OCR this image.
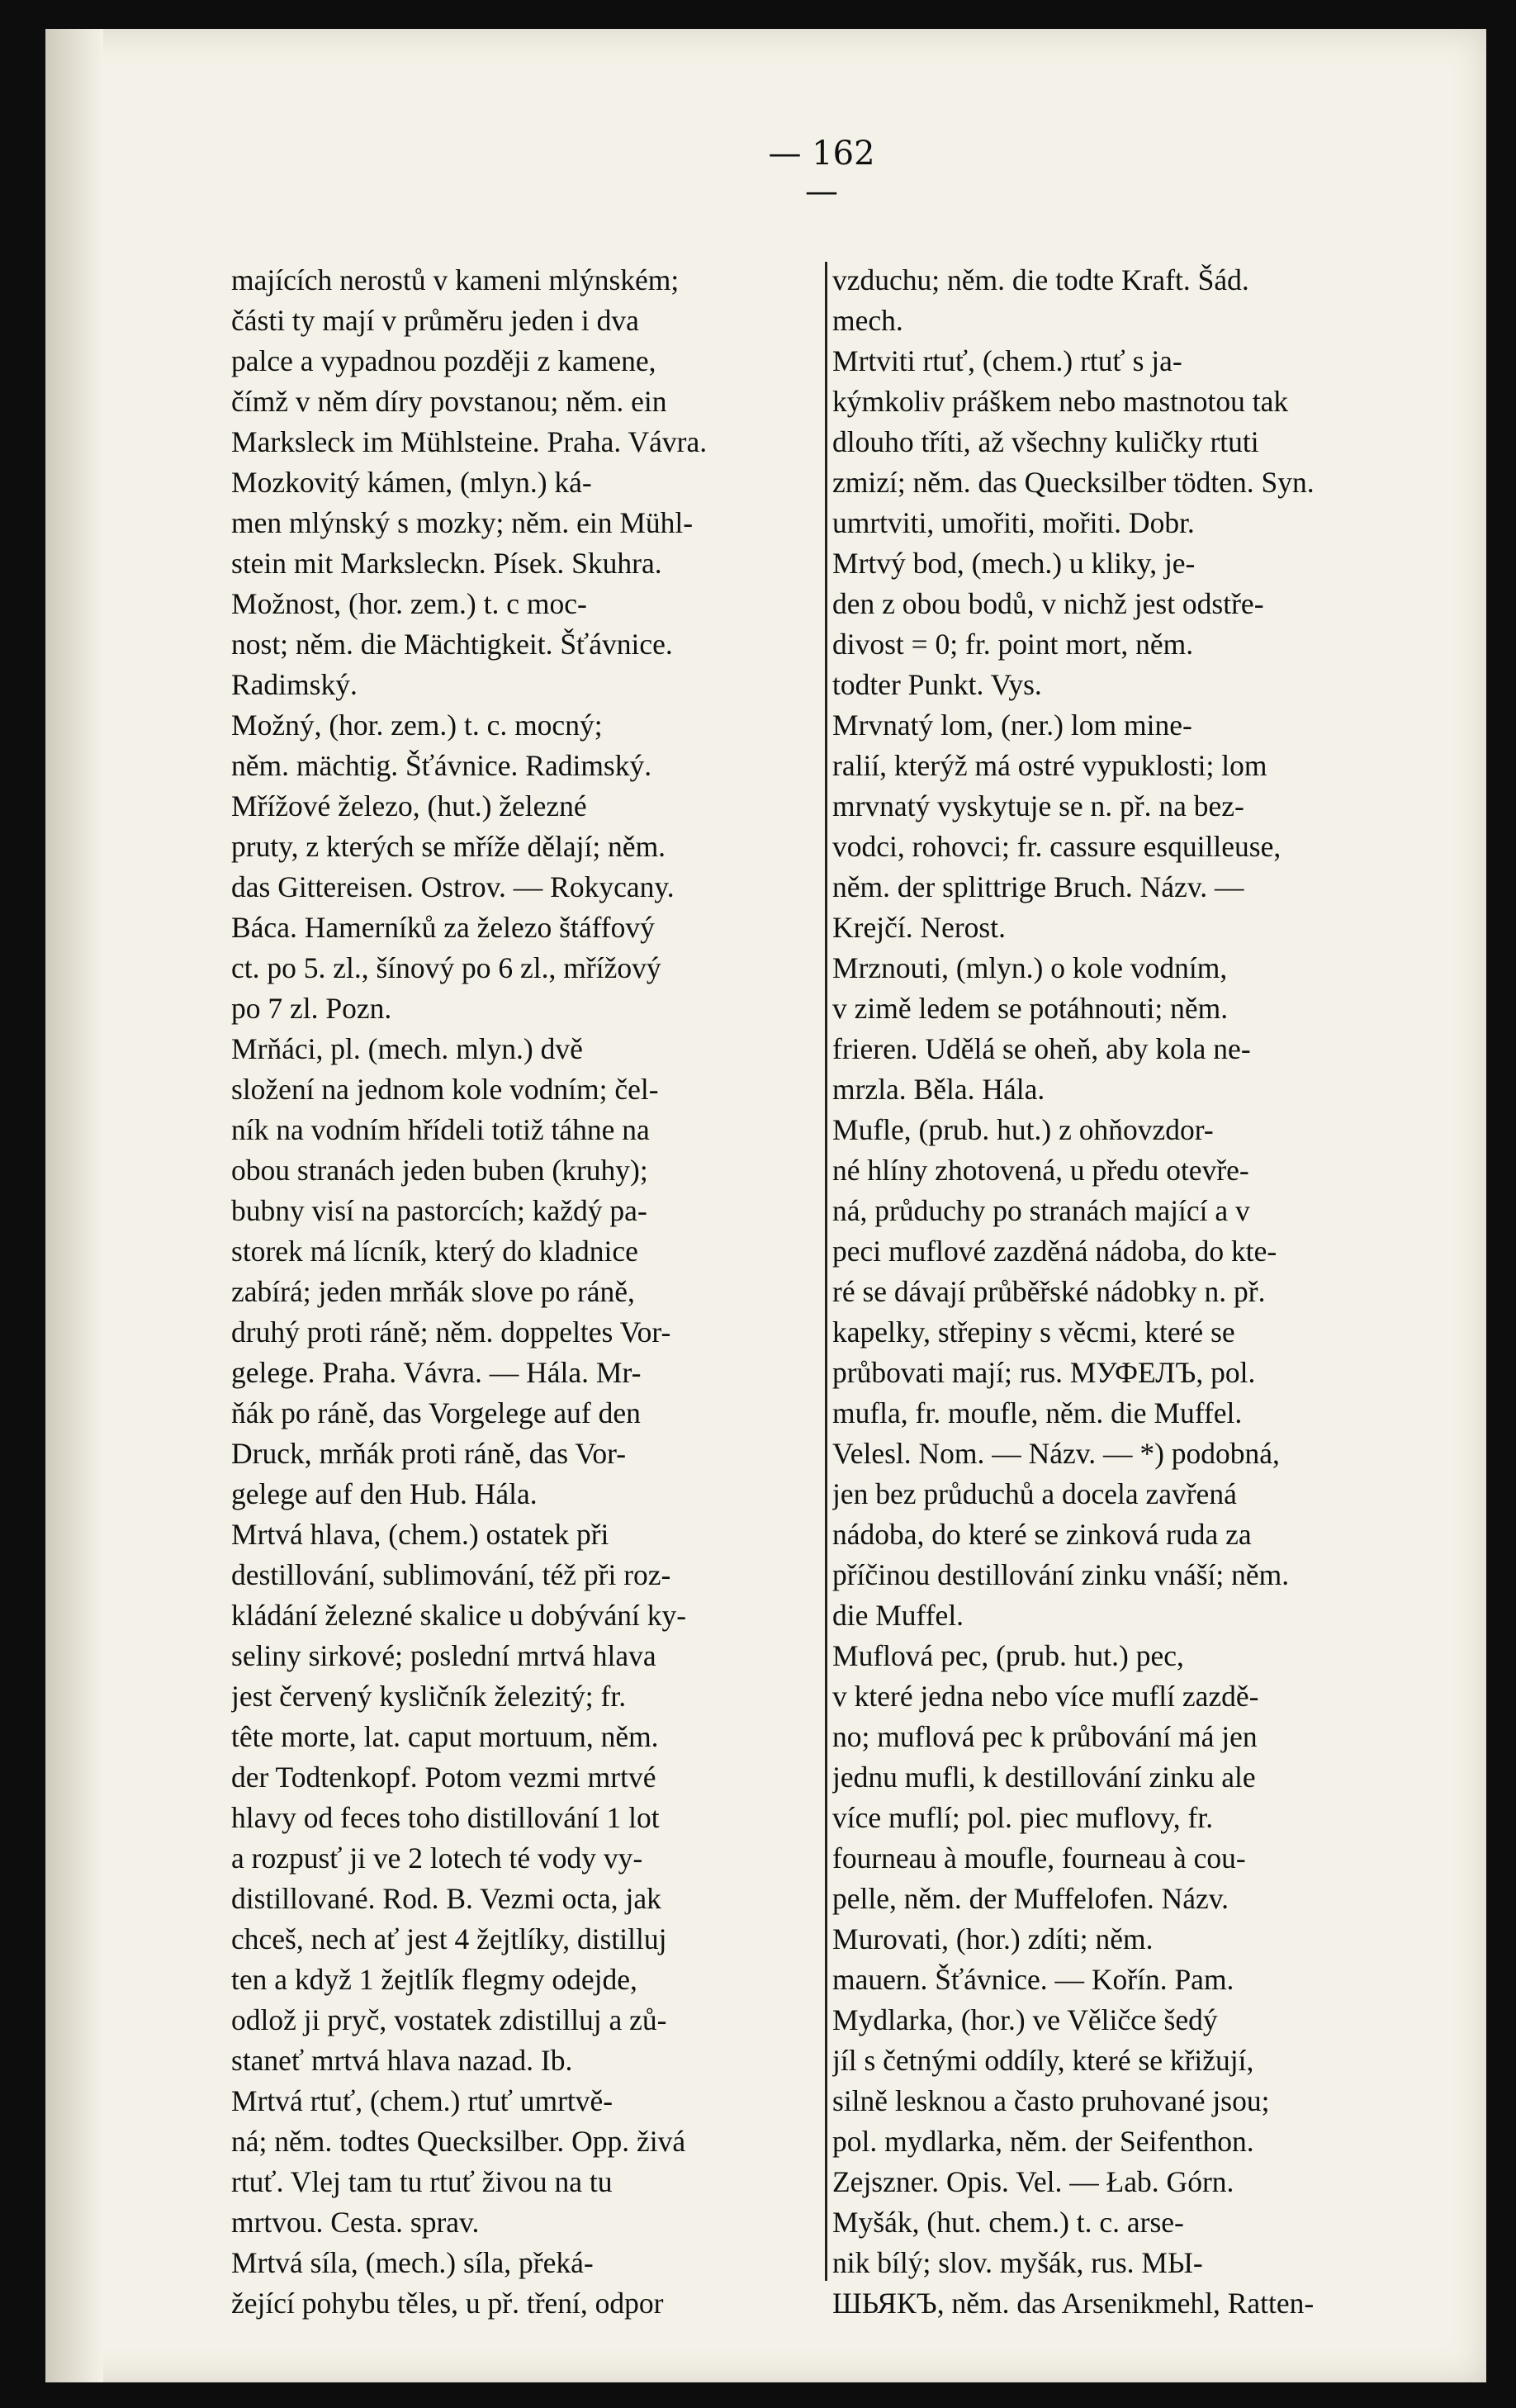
— 162 —
majících nerostů v kameni mlýnském;
části ty mají v průměru jeden i dva
palce a vypadnou později z kamene,
čímž v něm díry povstanou; něm. ein
Marksleck im Mühlsteine. Praha. Vávra.
Mozkovitý kámen, (mlyn.) ká-
men mlýnský s mozky; něm. ein Mühl-
stein mit Marksleckn. Písek. Skuhra.
Možnost, (hor. zem.) t. c moc-
nost; něm. die Mächtigkeit. Šťávnice.
Radimský.
Možný, (hor. zem.) t. c. mocný;
něm. mächtig. Šťávnice. Radimský.
Mřížové železo, (hut.) železné
pruty, z kterých se mříže dělají; něm.
das Gittereisen. Ostrov. — Rokycany.
Báca. Hamerníků za železo štáffový
ct. po 5. zl., šínový po 6 zl., mřížový
po 7 zl. Pozn.
Mrňáci, pl. (mech. mlyn.) dvě
složení na jednom kole vodním; čel-
ník na vodním hřídeli totiž táhne na
obou stranách jeden buben (kruhy);
bubny visí na pastorcích; každý pa-
storek má lícník, který do kladnice
zabírá; jeden mrňák slove po ráně,
druhý proti ráně; něm. doppeltes Vor-
gelege. Praha. Vávra. — Hála. Mr-
ňák po ráně, das Vorgelege auf den
Druck, mrňák proti ráně, das Vor-
gelege auf den Hub. Hála.
Mrtvá hlava, (chem.) ostatek při
destillování, sublimování, též při roz-
kládání železné skalice u dobývání ky-
seliny sirkové; poslední mrtvá hlava
jest červený kysličník železitý; fr.
tête morte, lat. caput mortuum, něm.
der Todtenkopf. Potom vezmi mrtvé
hlavy od feces toho distillování 1 lot
a rozpusť ji ve 2 lotech té vody vy-
distillované. Rod. B. Vezmi octa, jak
chceš, nech ať jest 4 žejtlíky, distilluj
ten a když 1 žejtlík flegmy odejde,
odlož ji pryč, vostatek zdistilluj a zů-
staneť mrtvá hlava nazad. Ib.
Mrtvá rtuť, (chem.) rtuť umrtvě-
ná; něm. todtes Quecksilber. Opp. živá
rtuť. Vlej tam tu rtuť živou na tu
mrtvou. Cesta. sprav.
Mrtvá síla, (mech.) síla, překá-
žející pohybu těles, u př. tření, odpor
vzduchu; něm. die todte Kraft. Šád.
mech.
Mrtviti rtuť, (chem.) rtuť s ja-
kýmkoliv práškem nebo mastnotou tak
dlouho tříti, až všechny kuličky rtuti
zmizí; něm. das Quecksilber tödten. Syn.
umrtviti, umořiti, mořiti. Dobr.
Mrtvý bod, (mech.) u kliky, je-
den z obou bodů, v nichž jest odstře-
divost = 0; fr. point mort, něm.
todter Punkt. Vys.
Mrvnatý lom, (ner.) lom mine-
ralií, kterýž má ostré vypuklosti; lom
mrvnatý vyskytuje se n. př. na bez-
vodci, rohovci; fr. cassure esquilleuse,
něm. der splittrige Bruch. Názv. —
Krejčí. Nerost.
Mrznouti, (mlyn.) o kole vodním,
v zimě ledem se potáhnouti; něm.
frieren. Udělá se oheň, aby kola ne-
mrzla. Běla. Hála.
Mufle, (prub. hut.) z ohňovzdor-
né hlíny zhotovená, u předu otevře-
ná, průduchy po stranách mající a v
peci muflové zazděná nádoba, do kte-
ré se dávají průběřské nádobky n. př.
kapelky, střepiny s věcmi, které se
průbovati mají; rus. МУФЕЛЪ, pol.
mufla, fr. moufle, něm. die Muffel.
Velesl. Nom. — Názv. — *) podobná,
jen bez průduchů a docela zavřená
nádoba, do které se zinková ruda za
příčinou destillování zinku vnáší; něm.
die Muffel.
Muflová pec, (prub. hut.) pec,
v které jedna nebo více muflí zazdě-
no; muflová pec k průbování má jen
jednu mufli, k destillování zinku ale
více muflí; pol. piec muflovy, fr.
fourneau à moufle, fourneau à cou-
pelle, něm. der Muffelofen. Názv.
Murovati, (hor.) zdíti; něm.
mauern. Šťávnice. — Kořín. Pam.
Mydlarka, (hor.) ve Věličce šedý
jíl s četnými oddíly, které se křižují,
silně lesknou a často pruhované jsou;
pol. mydlarka, něm. der Seifenthon.
Zejszner. Opis. Vel. — Łab. Górn.
Myšák, (hut. chem.) t. c. arse-
nik bílý; slov. myšák, rus. МЫ-
ШЬЯКЪ, něm. das Arsenikmehl, Ratten-
